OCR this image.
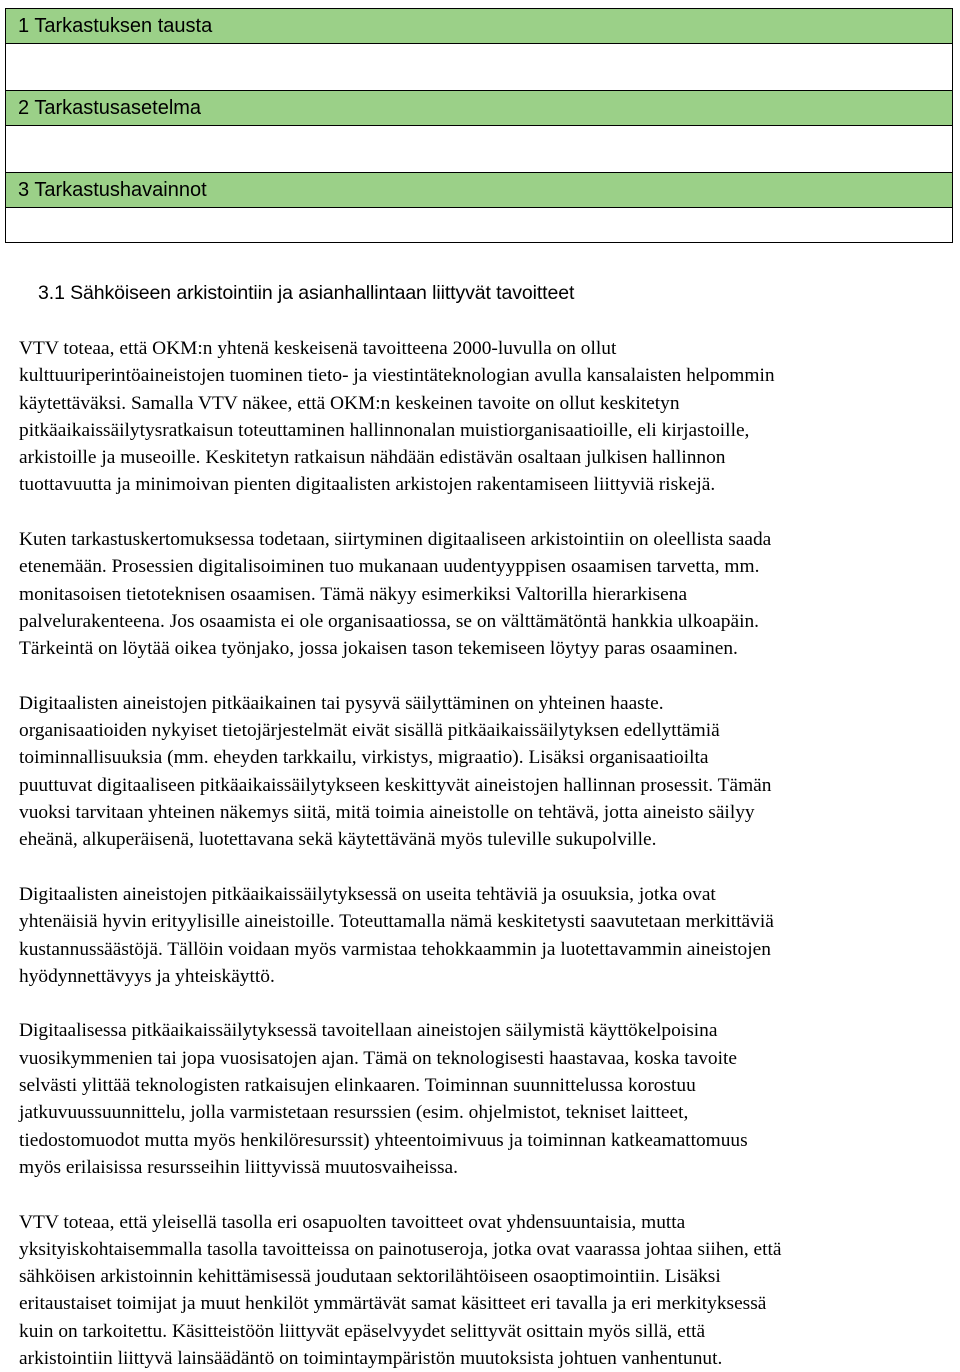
1 Tarkastuksen tausta

2 Tarkastusasetelma

3 Tarkastushavainnot

3.1 Sähköiseen arkistointiin ja asianhallintaan liittyvät tavoitteet
VTV toteaa, että OKM:n yhtenä keskeisenä tavoitteena 2000-luvulla on ollut
kulttuuriperintöaineistojen tuominen tieto- ja viestintäteknologian avulla kansalaisten helpommin
käytettäväksi. Samalla VTV näkee, että OKM:n keskeinen tavoite on ollut keskitetyn
pitkäaikaissäilytysratkaisun toteuttaminen hallinnonalan muistiorganisaatioille, eli kirjastoille,
arkistoille ja museoille. Keskitetyn ratkaisun nähdään edistävän osaltaan julkisen hallinnon
tuottavuutta ja minimoivan pienten digitaalisten arkistojen rakentamiseen liittyviä riskejä.
Kuten tarkastuskertomuksessa todetaan, siirtyminen digitaaliseen arkistointiin on oleellista saada
etenemään. Prosessien digitalisoiminen tuo mukanaan uudentyyppisen osaamisen tarvetta, mm.
monitasoisen tietoteknisen osaamisen. Tämä näkyy esimerkiksi Valtorilla hierarkisena
palvelurakenteena. Jos osaamista ei ole organisaatiossa, se on välttämätöntä hankkia ulkoapäin.
Tärkeintä on löytää oikea työnjako, jossa jokaisen tason tekemiseen löytyy paras osaaminen.
Digitaalisten aineistojen pitkäaikainen tai pysyvä säilyttäminen on yhteinen haaste.
organisaatioiden nykyiset tietojärjestelmät eivät sisällä pitkäaikaissäilytyksen edellyttämiä
toiminnallisuuksia (mm. eheyden tarkkailu, virkistys, migraatio). Lisäksi organisaatioilta
puuttuvat digitaaliseen pitkäaikaissäilytykseen keskittyvät aineistojen hallinnan prosessit. Tämän
vuoksi tarvitaan yhteinen näkemys siitä, mitä toimia aineistolle on tehtävä, jotta aineisto säilyy
eheänä, alkuperäisenä, luotettavana sekä käytettävänä myös tuleville sukupolville.
Digitaalisten aineistojen pitkäaikaissäilytyksessä on useita tehtäviä ja osuuksia, jotka ovat
yhtenäisiä hyvin erityylisille aineistoille. Toteuttamalla nämä keskitetysti saavutetaan merkittäviä
kustannussäästöjä. Tällöin voidaan myös varmistaa tehokkaammin ja luotettavammin aineistojen
hyödynnettävyys ja yhteiskäyttö.
Digitaalisessa pitkäaikaissäilytyksessä tavoitellaan aineistojen säilymistä käyttökelpoisina
vuosikymmenien tai jopa vuosisatojen ajan. Tämä on teknologisesti haastavaa, koska tavoite
selvästi ylittää teknologisten ratkaisujen elinkaaren. Toiminnan suunnittelussa korostuu
jatkuvuussuunnittelu, jolla varmistetaan resurssien (esim. ohjelmistot, tekniset laitteet,
tiedostomuodot mutta myös henkilöresurssit) yhteentoimivuus ja toiminnan katkeamattomuus
myös erilaisissa resursseihin liittyvissä muutosvaiheissa.
VTV toteaa, että yleisellä tasolla eri osapuolten tavoitteet ovat yhdensuuntaisia, mutta
yksityiskohtaisemmalla tasolla tavoitteissa on painotuseroja, jotka ovat vaarassa johtaa siihen, että
sähköisen arkistoinnin kehittämisessä joudutaan sektorilähtöiseen osaoptimointiin. Lisäksi
eritaustaiset toimijat ja muut henkilöt ymmärtävät samat käsitteet eri tavalla ja eri merkityksessä
kuin on tarkoitettu. Käsitteistöön liittyvät epäselvyydet selittyvät osittain myös sillä, että
arkistointiin liittyvä lainsäädäntö on toimintaympäristön muutoksista johtuen vanhentunut.
